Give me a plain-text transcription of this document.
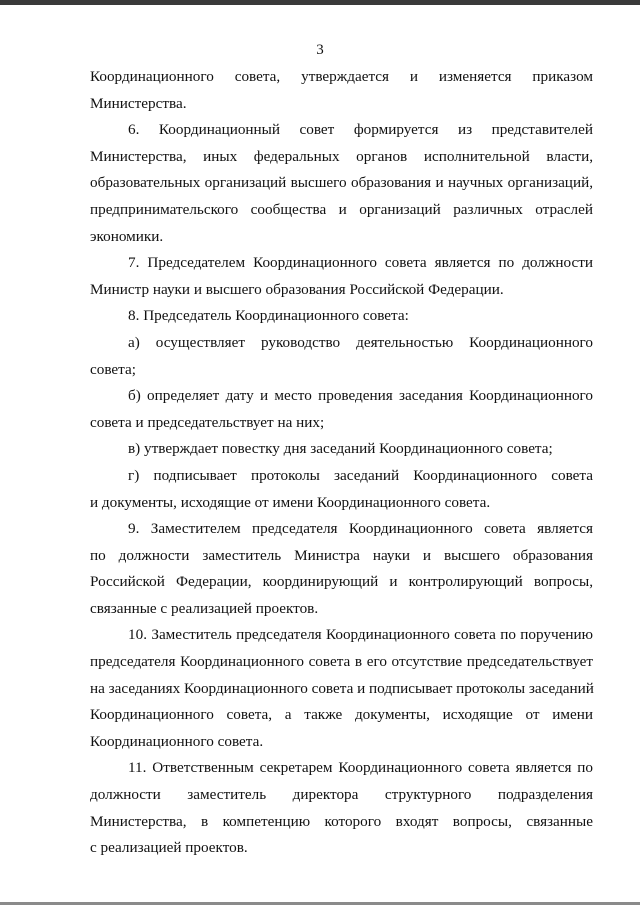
3

Координационного совета, утверждается и изменяется приказом
Министерства.

6. Координационный совет формируется из представителей
Министерства, иных федеральных органов исполнительной власти,
образовательных организаций высшего образования и научных организаций,
предпринимательского сообщества и организаций различных отраслей
экономики.

7. Председателем Координационного совета является по должности
Министр науки и высшего образования Российской Федерации.

8. Председатель Координационного совета:

а) осуществляет руководство деятельностью Координационного
совета;

б) определяет дату и место проведения заседания Координационного
совета и председательствует на них;

в) утверждает повестку дня заседаний Координационного совета;

г) подписывает протоколы заседаний Координационного совета
и документы, исходящие от имени Координационного совета.

9. Заместителем председателя Координационного совета является
по должности заместитель Министра науки и высшего образования
Российской Федерации, координирующий и контролирующий вопросы,
связанные с реализацией проектов.

10. Заместитель председателя Координационного совета по поручению
председателя Координационного совета в его отсутствие председательствует
на заседаниях Координационного совета и подписывает протоколы заседаний
Координационного совета, а также документы, исходящие от имени
Координационного совета.

11. Ответственным секретарем Координационного совета является по
должности заместитель директора структурного подразделения
Министерства, в компетенцию которого входят вопросы, связанные
с реализацией проектов.
